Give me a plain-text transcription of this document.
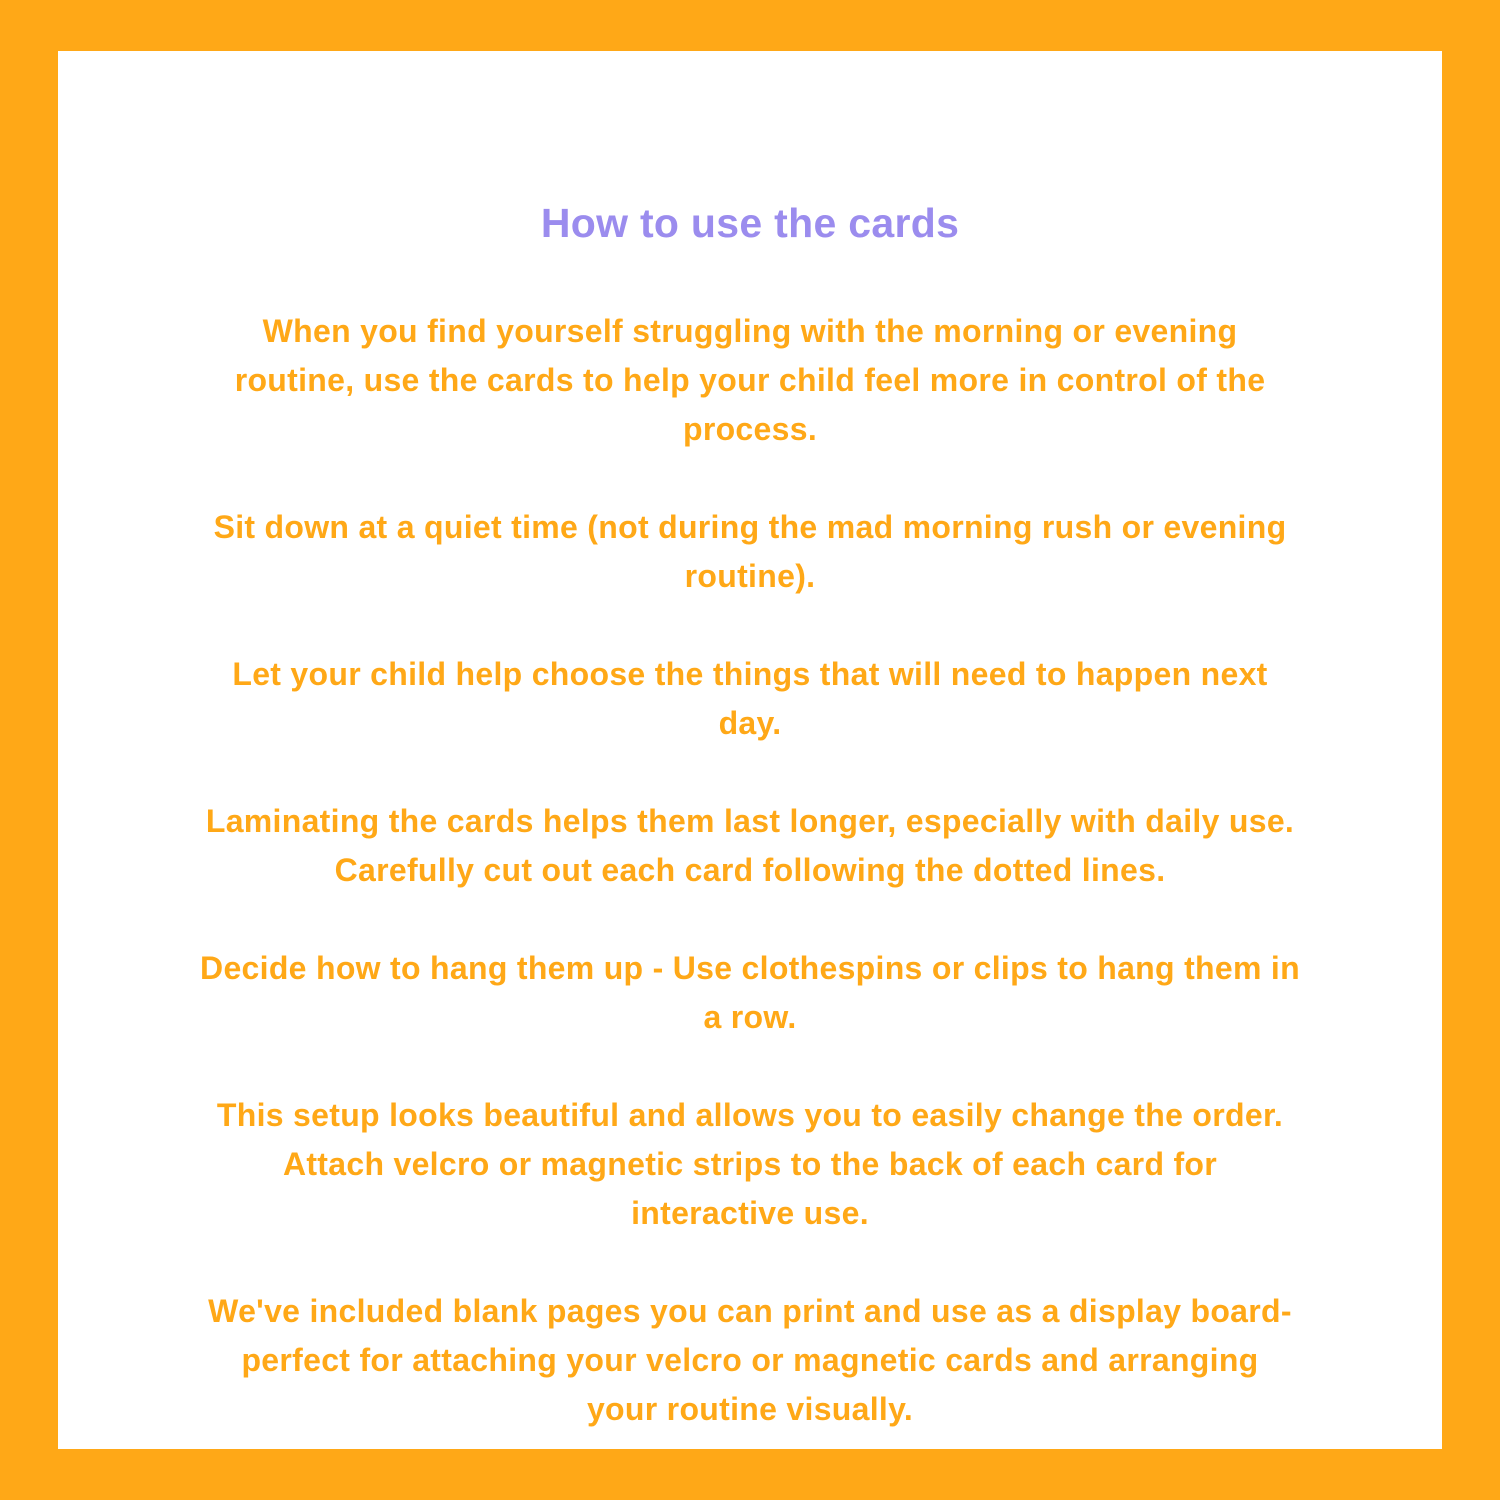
How to use the cards

When you find yourself struggling with the morning or evening
routine, use the cards to help your child feel more in control of the
process.

Sit down at a quiet time (not during the mad morning rush or evening
routine).

Let your child help choose the things that will need to happen next
day.

Laminating the cards helps them last longer, especially with daily use.
Carefully cut out each card following the dotted lines.

Decide how to hang them up - Use clothespins or clips to hang them in
a row.

This setup looks beautiful and allows you to easily change the order.
Attach velcro or magnetic strips to the back of each card for
interactive use.

We've included blank pages you can print and use as a display board-
perfect for attaching your velcro or magnetic cards and arranging
your routine visually.
